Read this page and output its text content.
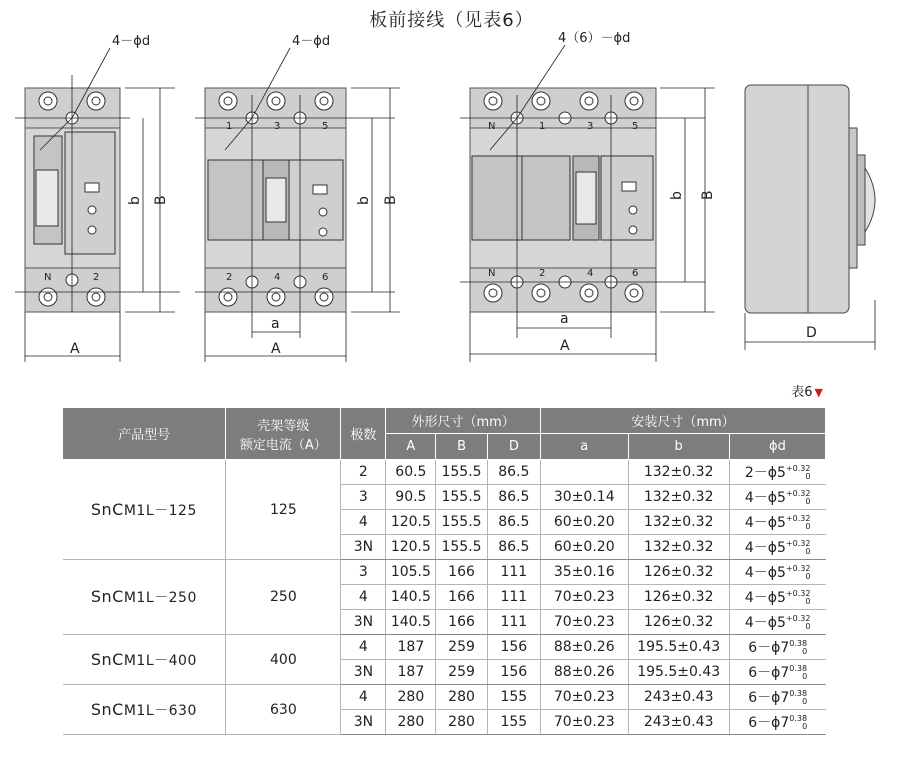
板前接线（见表6）
A
B
b
4－ϕd
N	2
A
a
B
b
4－ϕd
1	3	5
2	4	6
A
a
B
b
4（6）－ϕd
N	1	3	5
N	2	4	6
D
表6 ▼
产品型号	壳架等级
额定电流（A）	极数	外形尺寸（mm）			安装尺寸（mm）		
			A	B	D	a	b	ϕd
SnCM1L－125	125	2	60.5	155.5	86.5		132±0.32	$2-\phi 5^{+0.32}_0$
		3	90.5	155.5	86.5	30±0.14	132±0.32	$4-\phi 5^{+0.32}_0$
		4	120.5	155.5	86.5	60±0.20	132±0.32	$4-\phi 5^{+0.32}_0$
		3N	120.5	155.5	86.5	60±0.20	132±0.32	$4-\phi 5^{+0.32}_0$
SnCM1L－250	250	3	105.5	166	111	35±0.16	126±0.32	$4-\phi 5^{+0.32}_0$
		4	140.5	166	111	70±0.23	126±0.32	$4-\phi 5^{+0.32}_0$
		3N	140.5	166	111	70±0.23	126±0.32	$4-\phi 5^{+0.32}_0$
SnCM1L－400	400	4	187	259	156	88±0.26	195.5±0.43	$6-\phi 7^{0.38}_0$
		3N	187	259	156	88±0.26	195.5±0.43	$6-\phi 7^{0.38}_0$
SnCM1L－630	630	4	280	280	155	70±0.23	243±0.43	$6-\phi 7^{0.38}_0$
		3N	280	280	155	70±0.23	243±0.43	$6-\phi 7^{0.38}_0$
